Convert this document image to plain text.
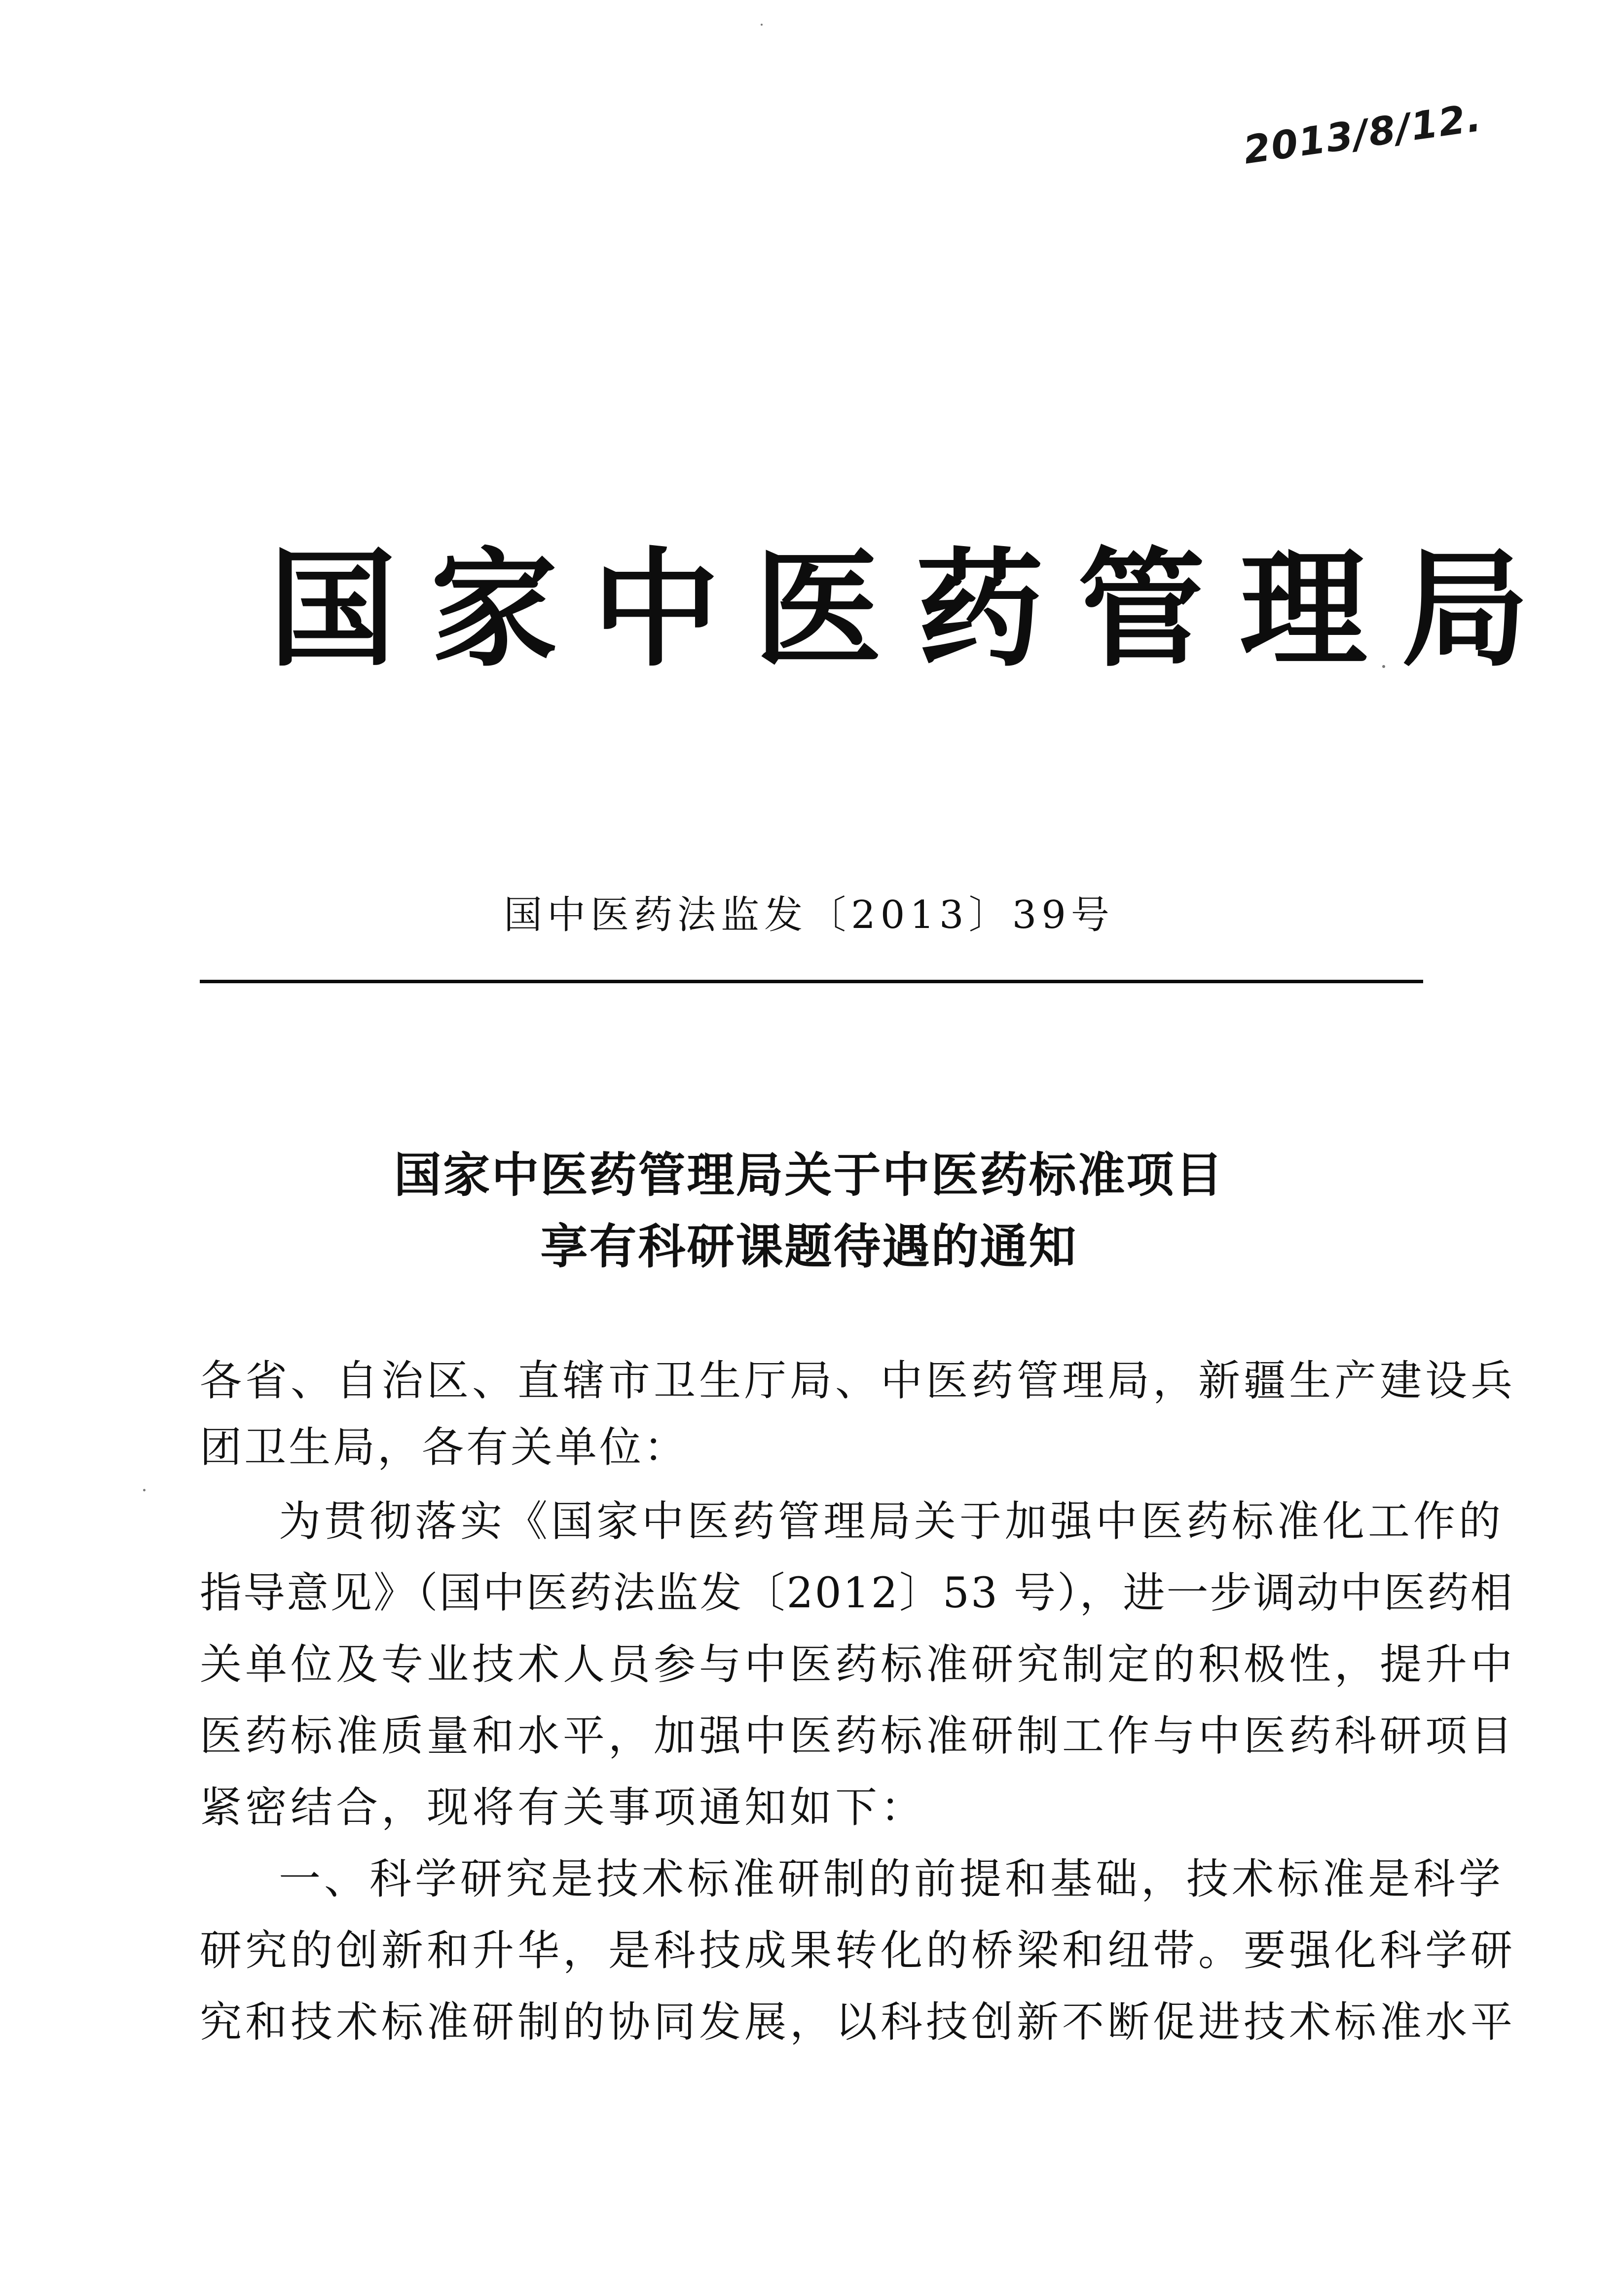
2013/8/12.
国家中医药管理局
国中医药法监发〔2013〕39号
国家中医药管理局关于中医药标准项目
享有科研课题待遇的通知
各省、自治区、直辖市卫生厅局、中医药管理局，新疆生产建设兵
团卫生局，各有关单位：
为贯彻落实《国家中医药管理局关于加强中医药标准化工作的
指导意见》（国中医药法监发〔2012〕53 号），进一步调动中医药相
关单位及专业技术人员参与中医药标准研究制定的积极性，提升中
医药标准质量和水平，加强中医药标准研制工作与中医药科研项目
紧密结合，现将有关事项通知如下：
一、科学研究是技术标准研制的前提和基础，技术标准是科学
研究的创新和升华，是科技成果转化的桥梁和纽带。要强化科学研
究和技术标准研制的协同发展，以科技创新不断促进技术标准水平
